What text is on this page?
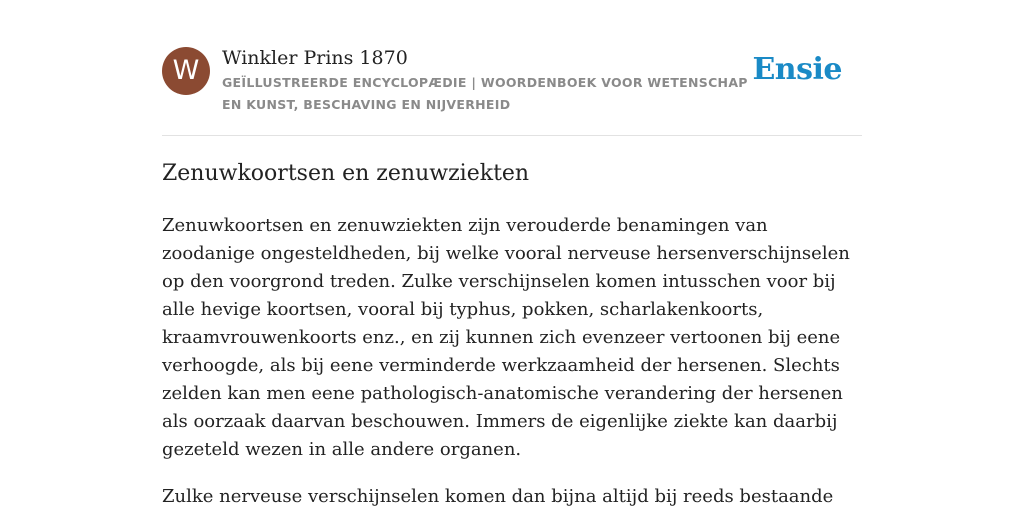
W	Winkler Prins 1870
GEÏLLUSTREERDE ENCYCLOPÆDIE | WOORDENBOEK VOOR WETENSCHAP EN KUNST, BESCHAVING EN NIJVERHEID
Ensie
Zenuwkoortsen en zenuwziekten

Zenuwkoortsen en zenuwziekten zijn verouderde benamingen van zoodanige ongesteldheden, bij welke vooral nerveuse hersenverschijnselen op den voorgrond treden. Zulke verschijnselen komen intusschen voor bij alle hevige koortsen, vooral bij typhus, pokken, scharlakenkoorts, kraamvrouwenkoorts enz., en zij kunnen zich evenzeer vertoonen bij eene verhoogde, als bij eene verminderde werkzaamheid der hersenen. Slechts zelden kan men eene pathologisch-anatomische verandering der hersenen als oorzaak daarvan beschouwen. Immers de eigenlijke ziekte kan daarbij gezeteld wezen in alle andere organen.

Zulke nerveuse verschijnselen komen dan bijna altijd bij reeds bestaande
